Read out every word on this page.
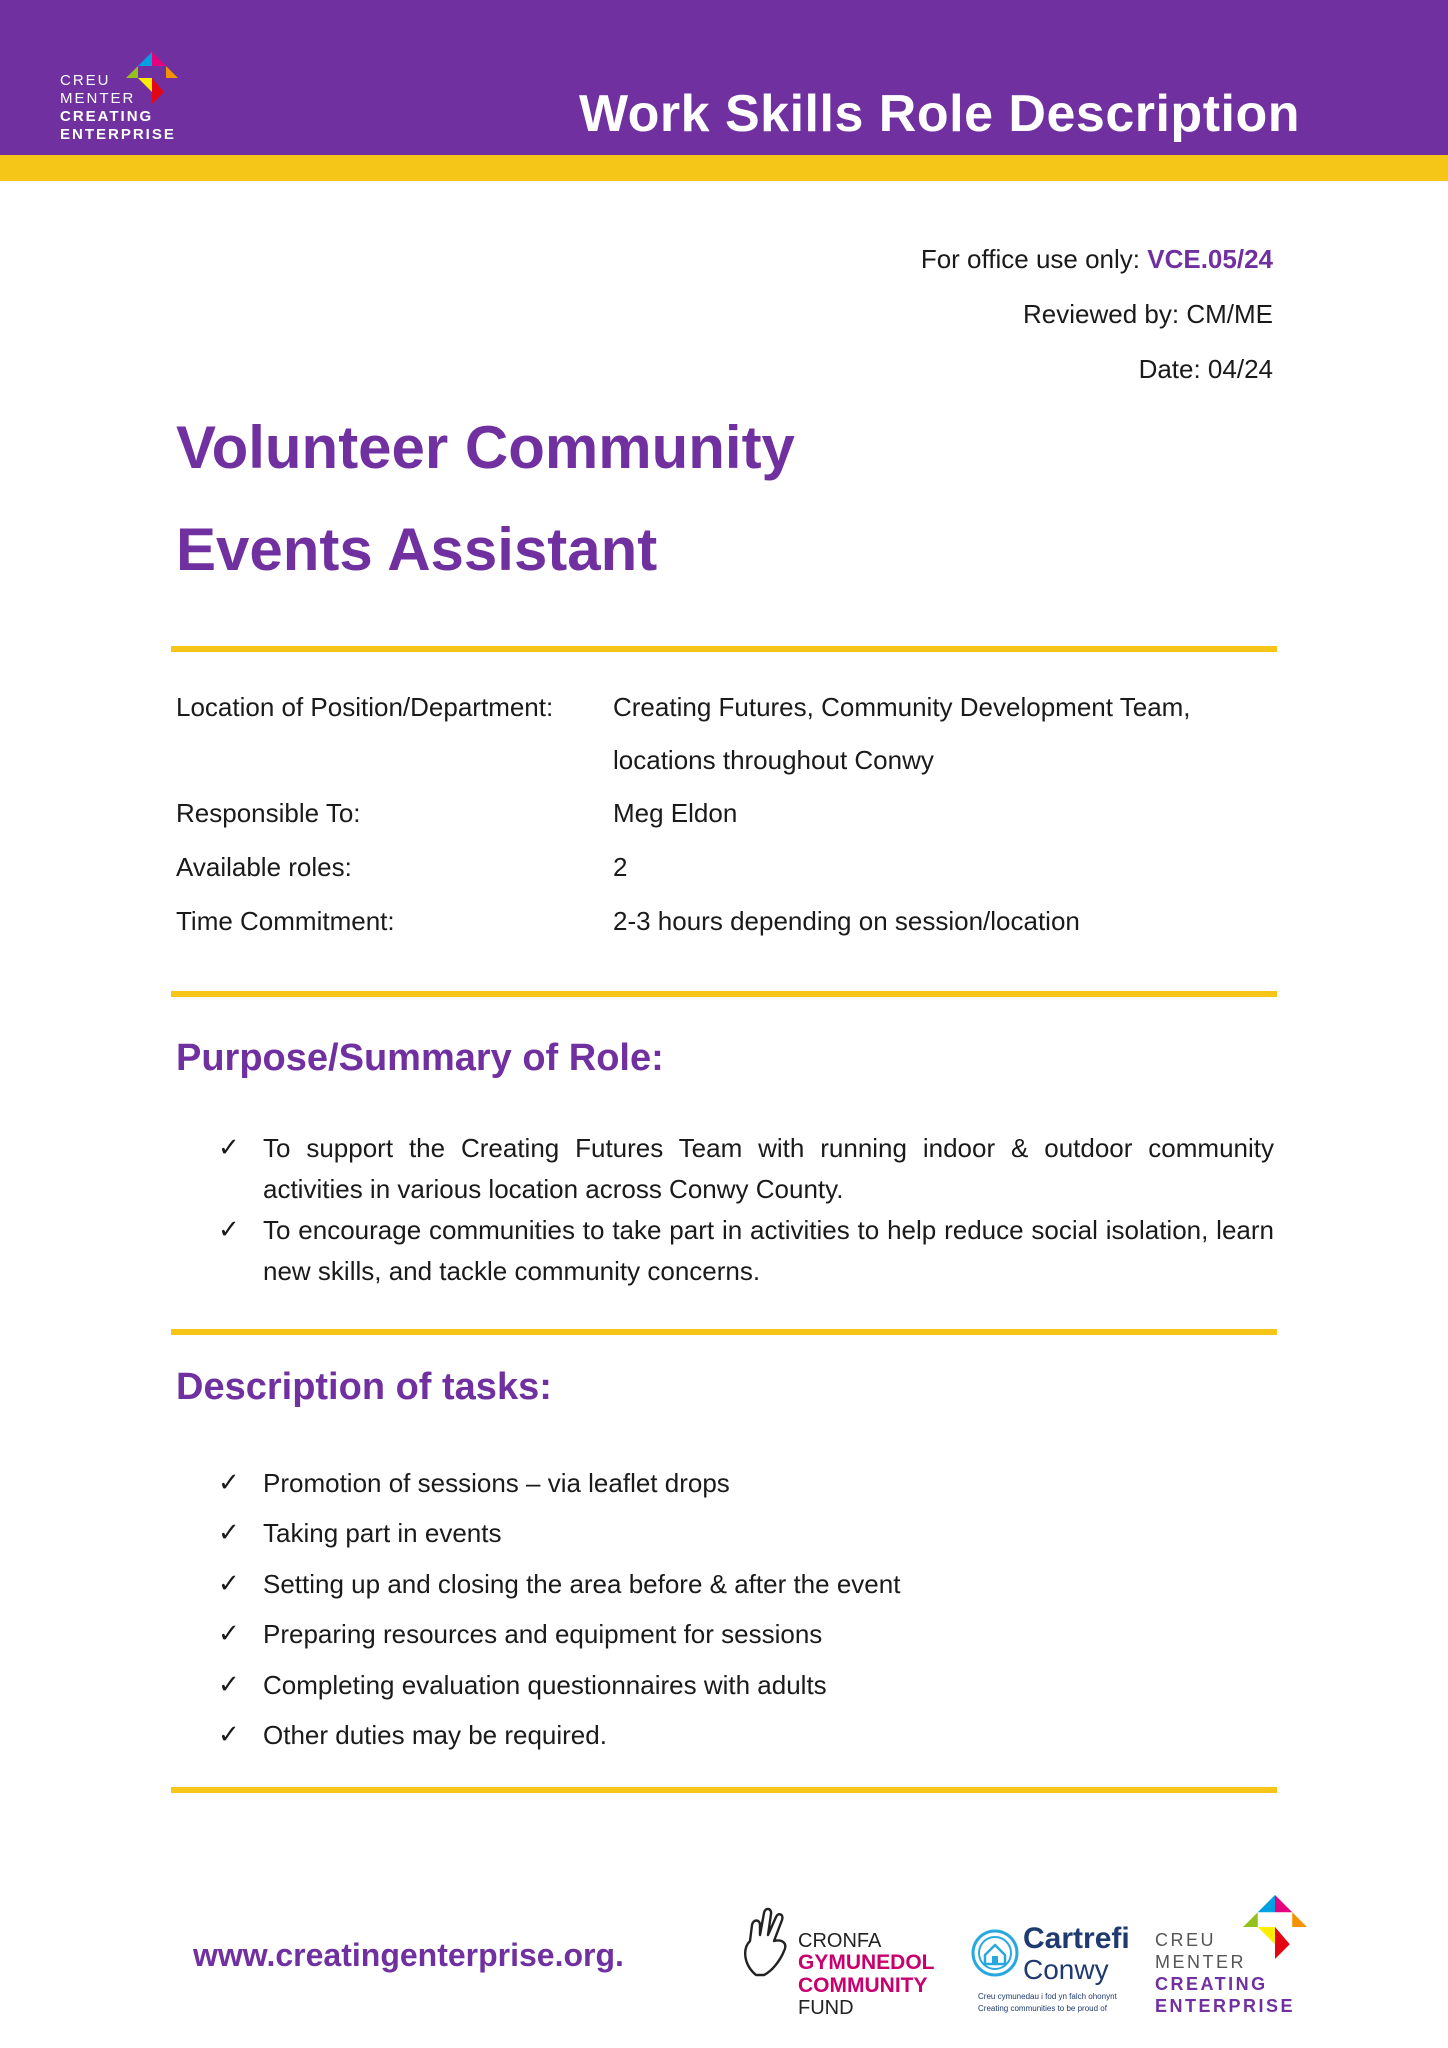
CREU
MENTER
CREATING
ENTERPRISE	Work Skills Role Description
For office use only: VCE.05/24
Reviewed by: CM/ME
Date: 04/24
Volunteer Community
Events Assistant
Location of Position/Department: Creating Futures, Community Development Team,
locations throughout Conwy
Responsible To:	Meg Eldon
Available roles:	2
Time Commitment:	2-3 hours depending on session/location
Purpose/Summary of Role:
✓ To support the Creating Futures Team with running indoor & outdoor community activities in various location across Conwy County.
✓ To encourage communities to take part in activities to help reduce social isolation, learn new skills, and tackle community concerns.
Description of tasks:
✓ Promotion of sessions – via leaflet drops
✓ Taking part in events
✓ Setting up and closing the area before & after the event
✓ Preparing resources and equipment for sessions
✓ Completing evaluation questionnaires with adults
✓ Other duties may be required.
www.creatingenterprise.org.	CRONFA
GYMUNEDOL
COMMUNITY
FUND
Cartrefi
Conwy
Creu cymunedau i fod yn falch ohonynt
Creating communities to be proud of
CREU
MENTER
CREATING
ENTERPRISE
